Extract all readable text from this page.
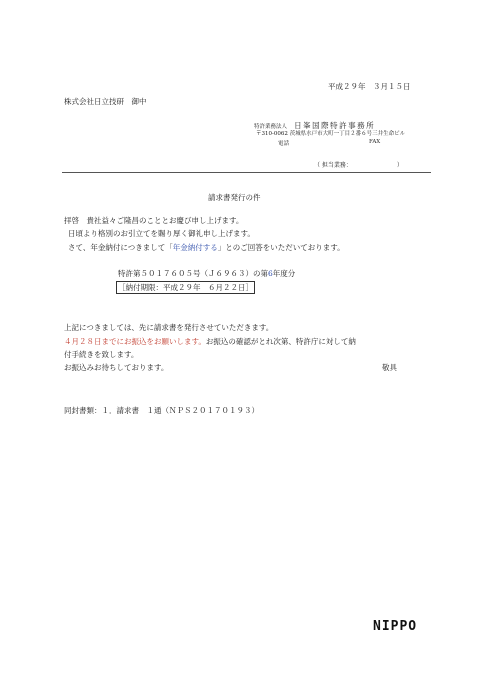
平成２９年　３月１５日
株式会社日立技研　御中
特許業務法人 日峯国際特許事務所
〒310-0062 茨城県水戸市大町一丁目２番６号三井生命ビル
電話	FAX
（ 担当業務：　　　　　　　　）
請求書発行の件
拝啓　貴社益々ご隆昌のこととお慶び申し上げます。
日頃より格別のお引立てを賜り厚く御礼申し上げます。
さて、年金納付につきまして「年金納付する」とのご回答をいただいております。
特許第５０１７６０５号（Ｊ６９６３）の第6年度分
［納付期限：平成２９年　６月２２日］
上記につきましては、先に請求書を発行させていただきます。
４月２８日までにお振込をお願いします。お振込の確認がとれ次第、特許庁に対して納
付手続きを致します。
お振込みお待ちしております。	敬具
同封書類：１．請求書　１通（ＮＰＳ２０１７０１９３）
NIPPO
